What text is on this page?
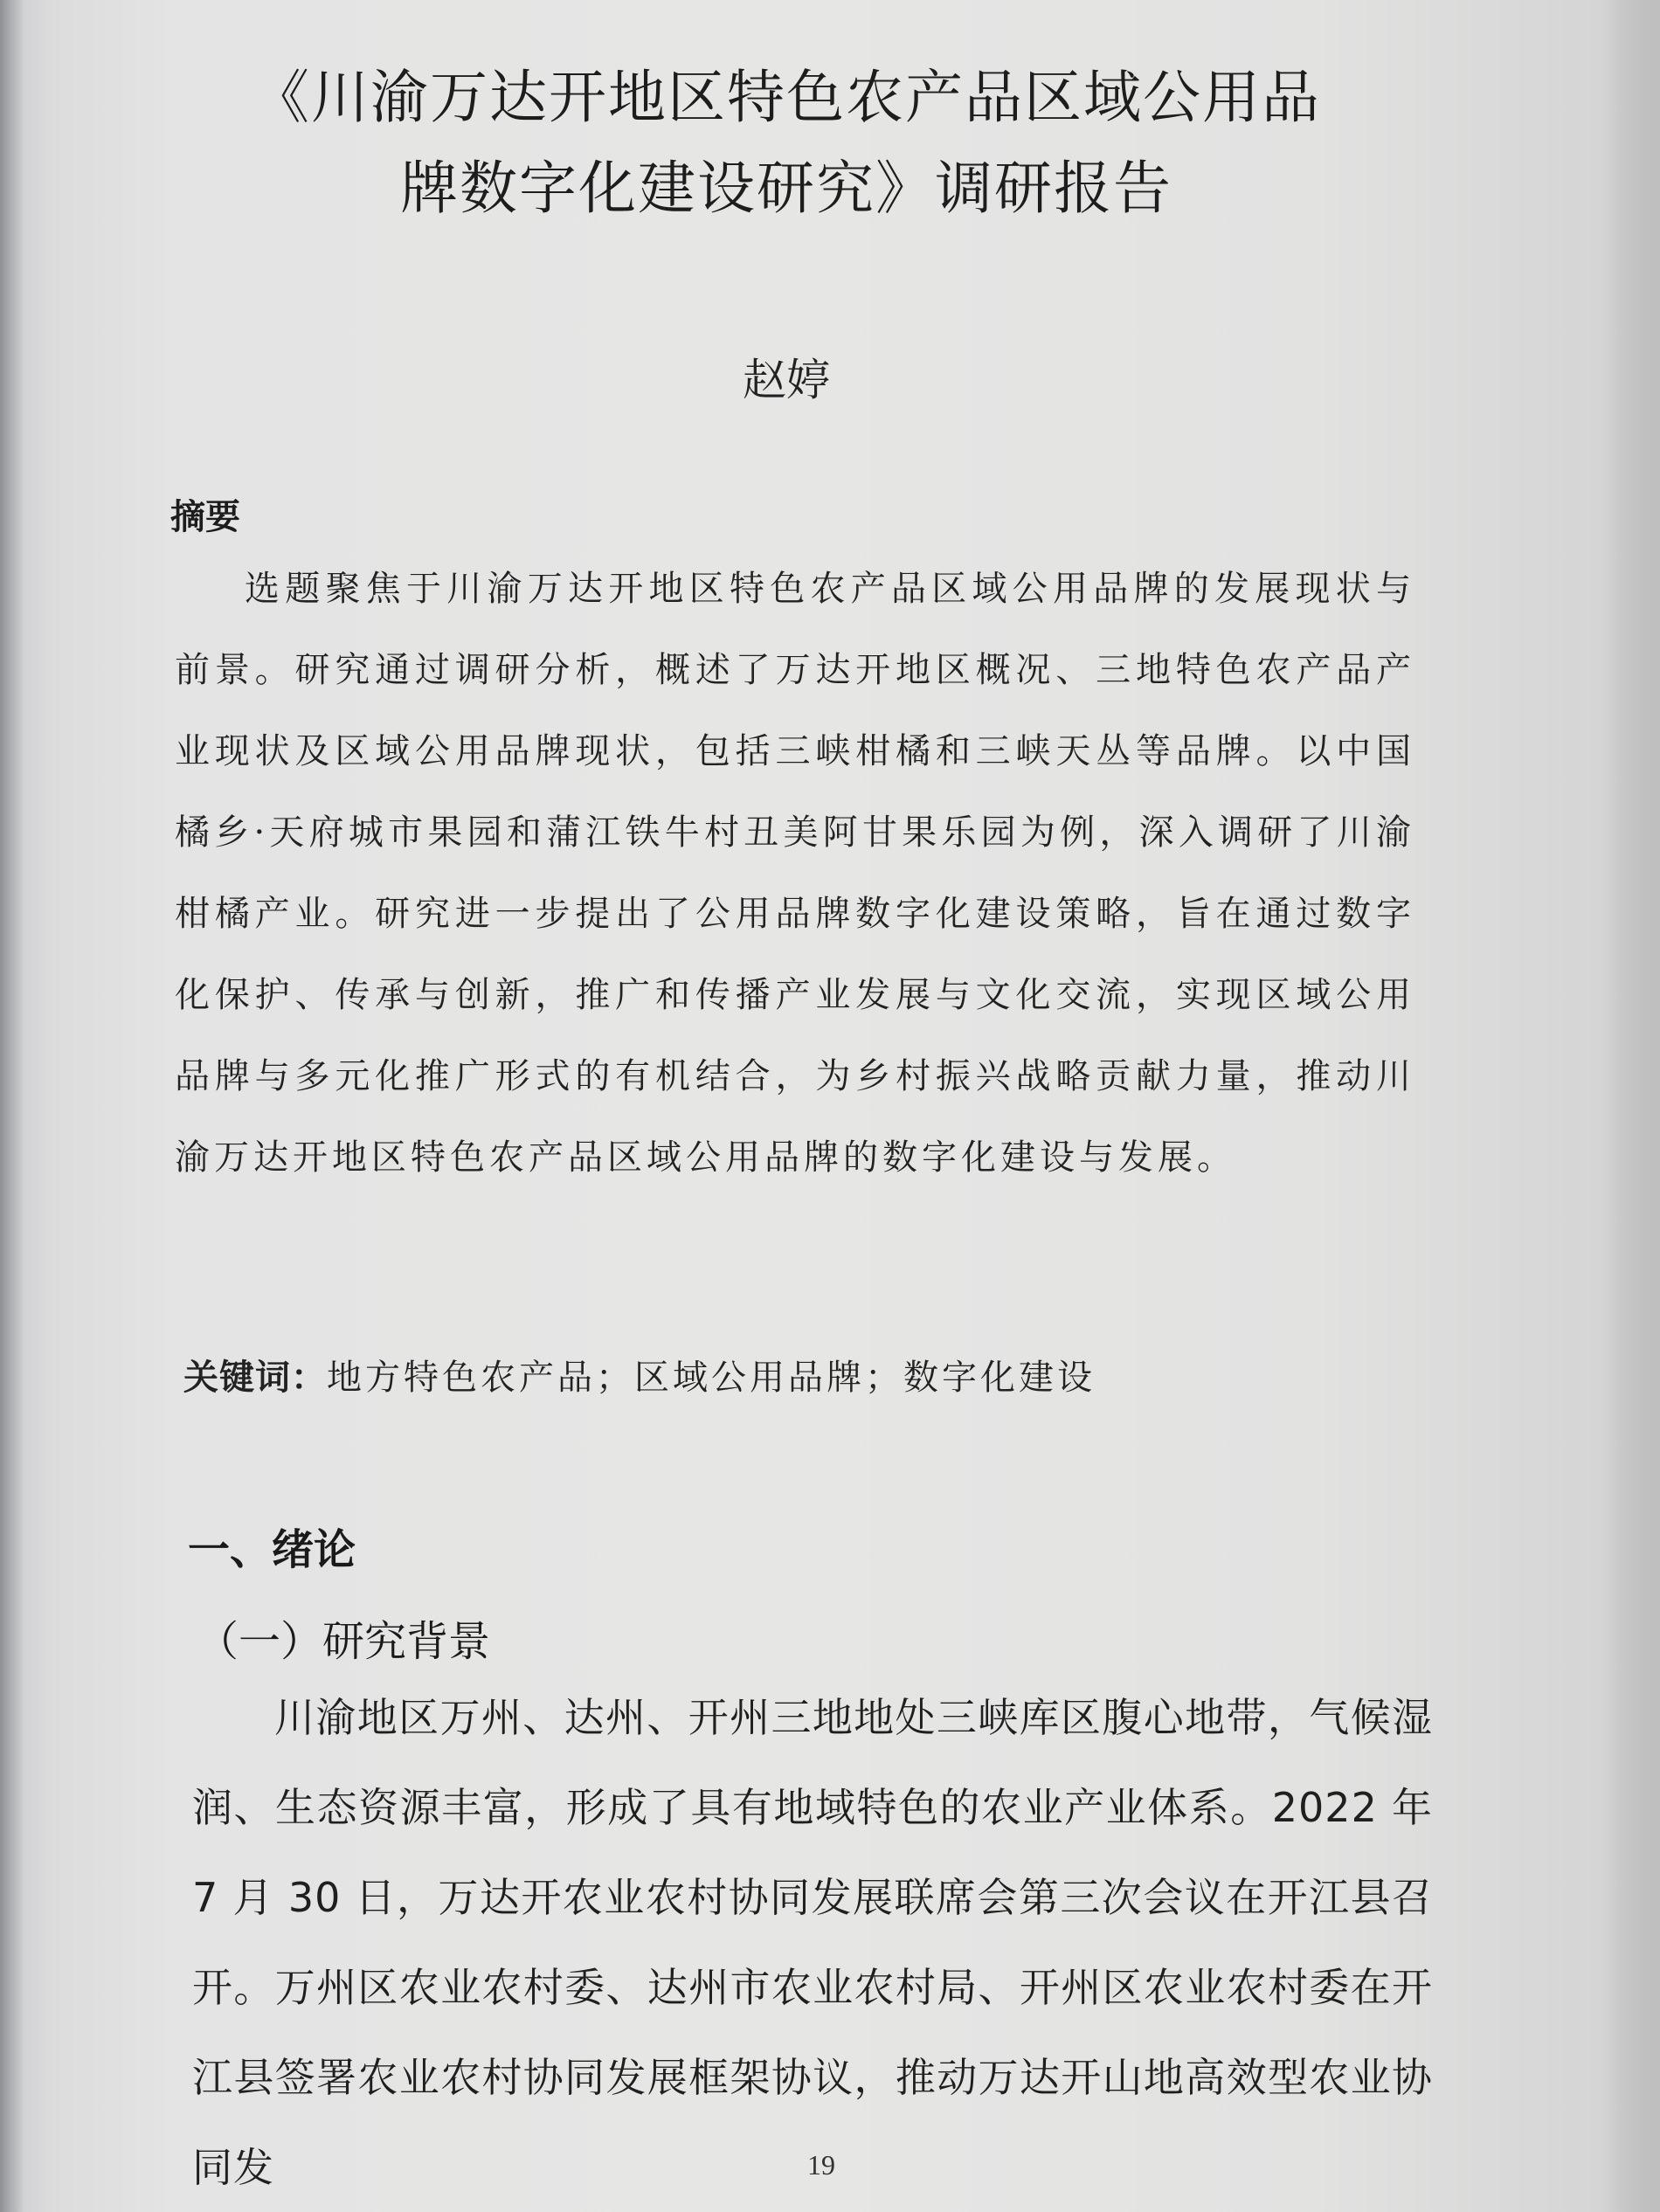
《川渝万达开地区特色农产品区域公用品
牌数字化建设研究》调研报告
赵婷
摘要

选题聚焦于川渝万达开地区特色农产品区域公用品牌的发展现状与前景。研究通过调研分析，概述了万达开地区概况、三地特色农产品产业现状及区域公用品牌现状，包括三峡柑橘和三峡天丛等品牌。以中国橘乡·天府城市果园和蒲江铁牛村丑美阿甘果乐园为例，深入调研了川渝柑橘产业。研究进一步提出了公用品牌数字化建设策略，旨在通过数字化保护、传承与创新，推广和传播产业发展与文化交流，实现区域公用品牌与多元化推广形式的有机结合，为乡村振兴战略贡献力量，推动川渝万达开地区特色农产品区域公用品牌的数字化建设与发展。

关键词：地方特色农产品；区域公用品牌；数字化建设
一、绪论
（一）研究背景

川渝地区万州、达州、开州三地地处三峡库区腹心地带，气候湿润、生态资源丰富，形成了具有地域特色的农业产业体系。2022 年 7 月 30 日，万达开农业农村协同发展联席会第三次会议在开江县召开。万州区农业农村委、达州市农业农村局、开州区农业农村委在开江县签署农业农村协同发展框架协议，推动万达开山地高效型农业协同发	19
